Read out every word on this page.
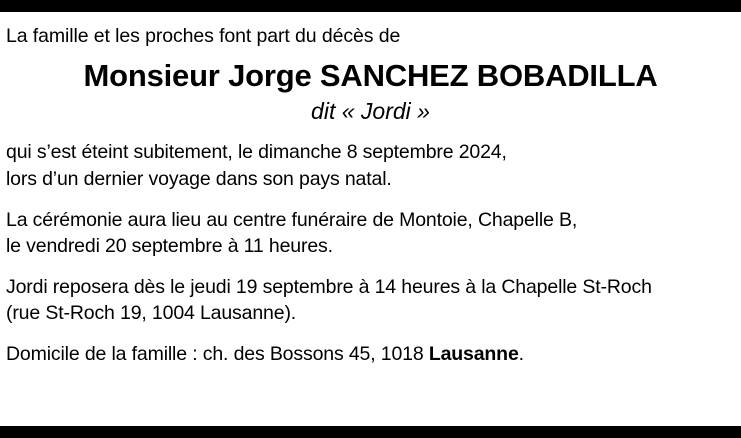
La famille et les proches font part du décès de

Monsieur Jorge SANCHEZ BOBADILLA
dit « Jordi »

qui s’est éteint subitement, le dimanche 8 septembre 2024,
lors d’un dernier voyage dans son pays natal.

La cérémonie aura lieu au centre funéraire de Montoie, Chapelle B,
le vendredi 20 septembre à 11 heures.

Jordi reposera dès le jeudi 19 septembre à 14 heures à la Chapelle St-Roch
(rue St-Roch 19, 1004 Lausanne).

Domicile de la famille : ch. des Bossons 45, 1018 Lausanne.
